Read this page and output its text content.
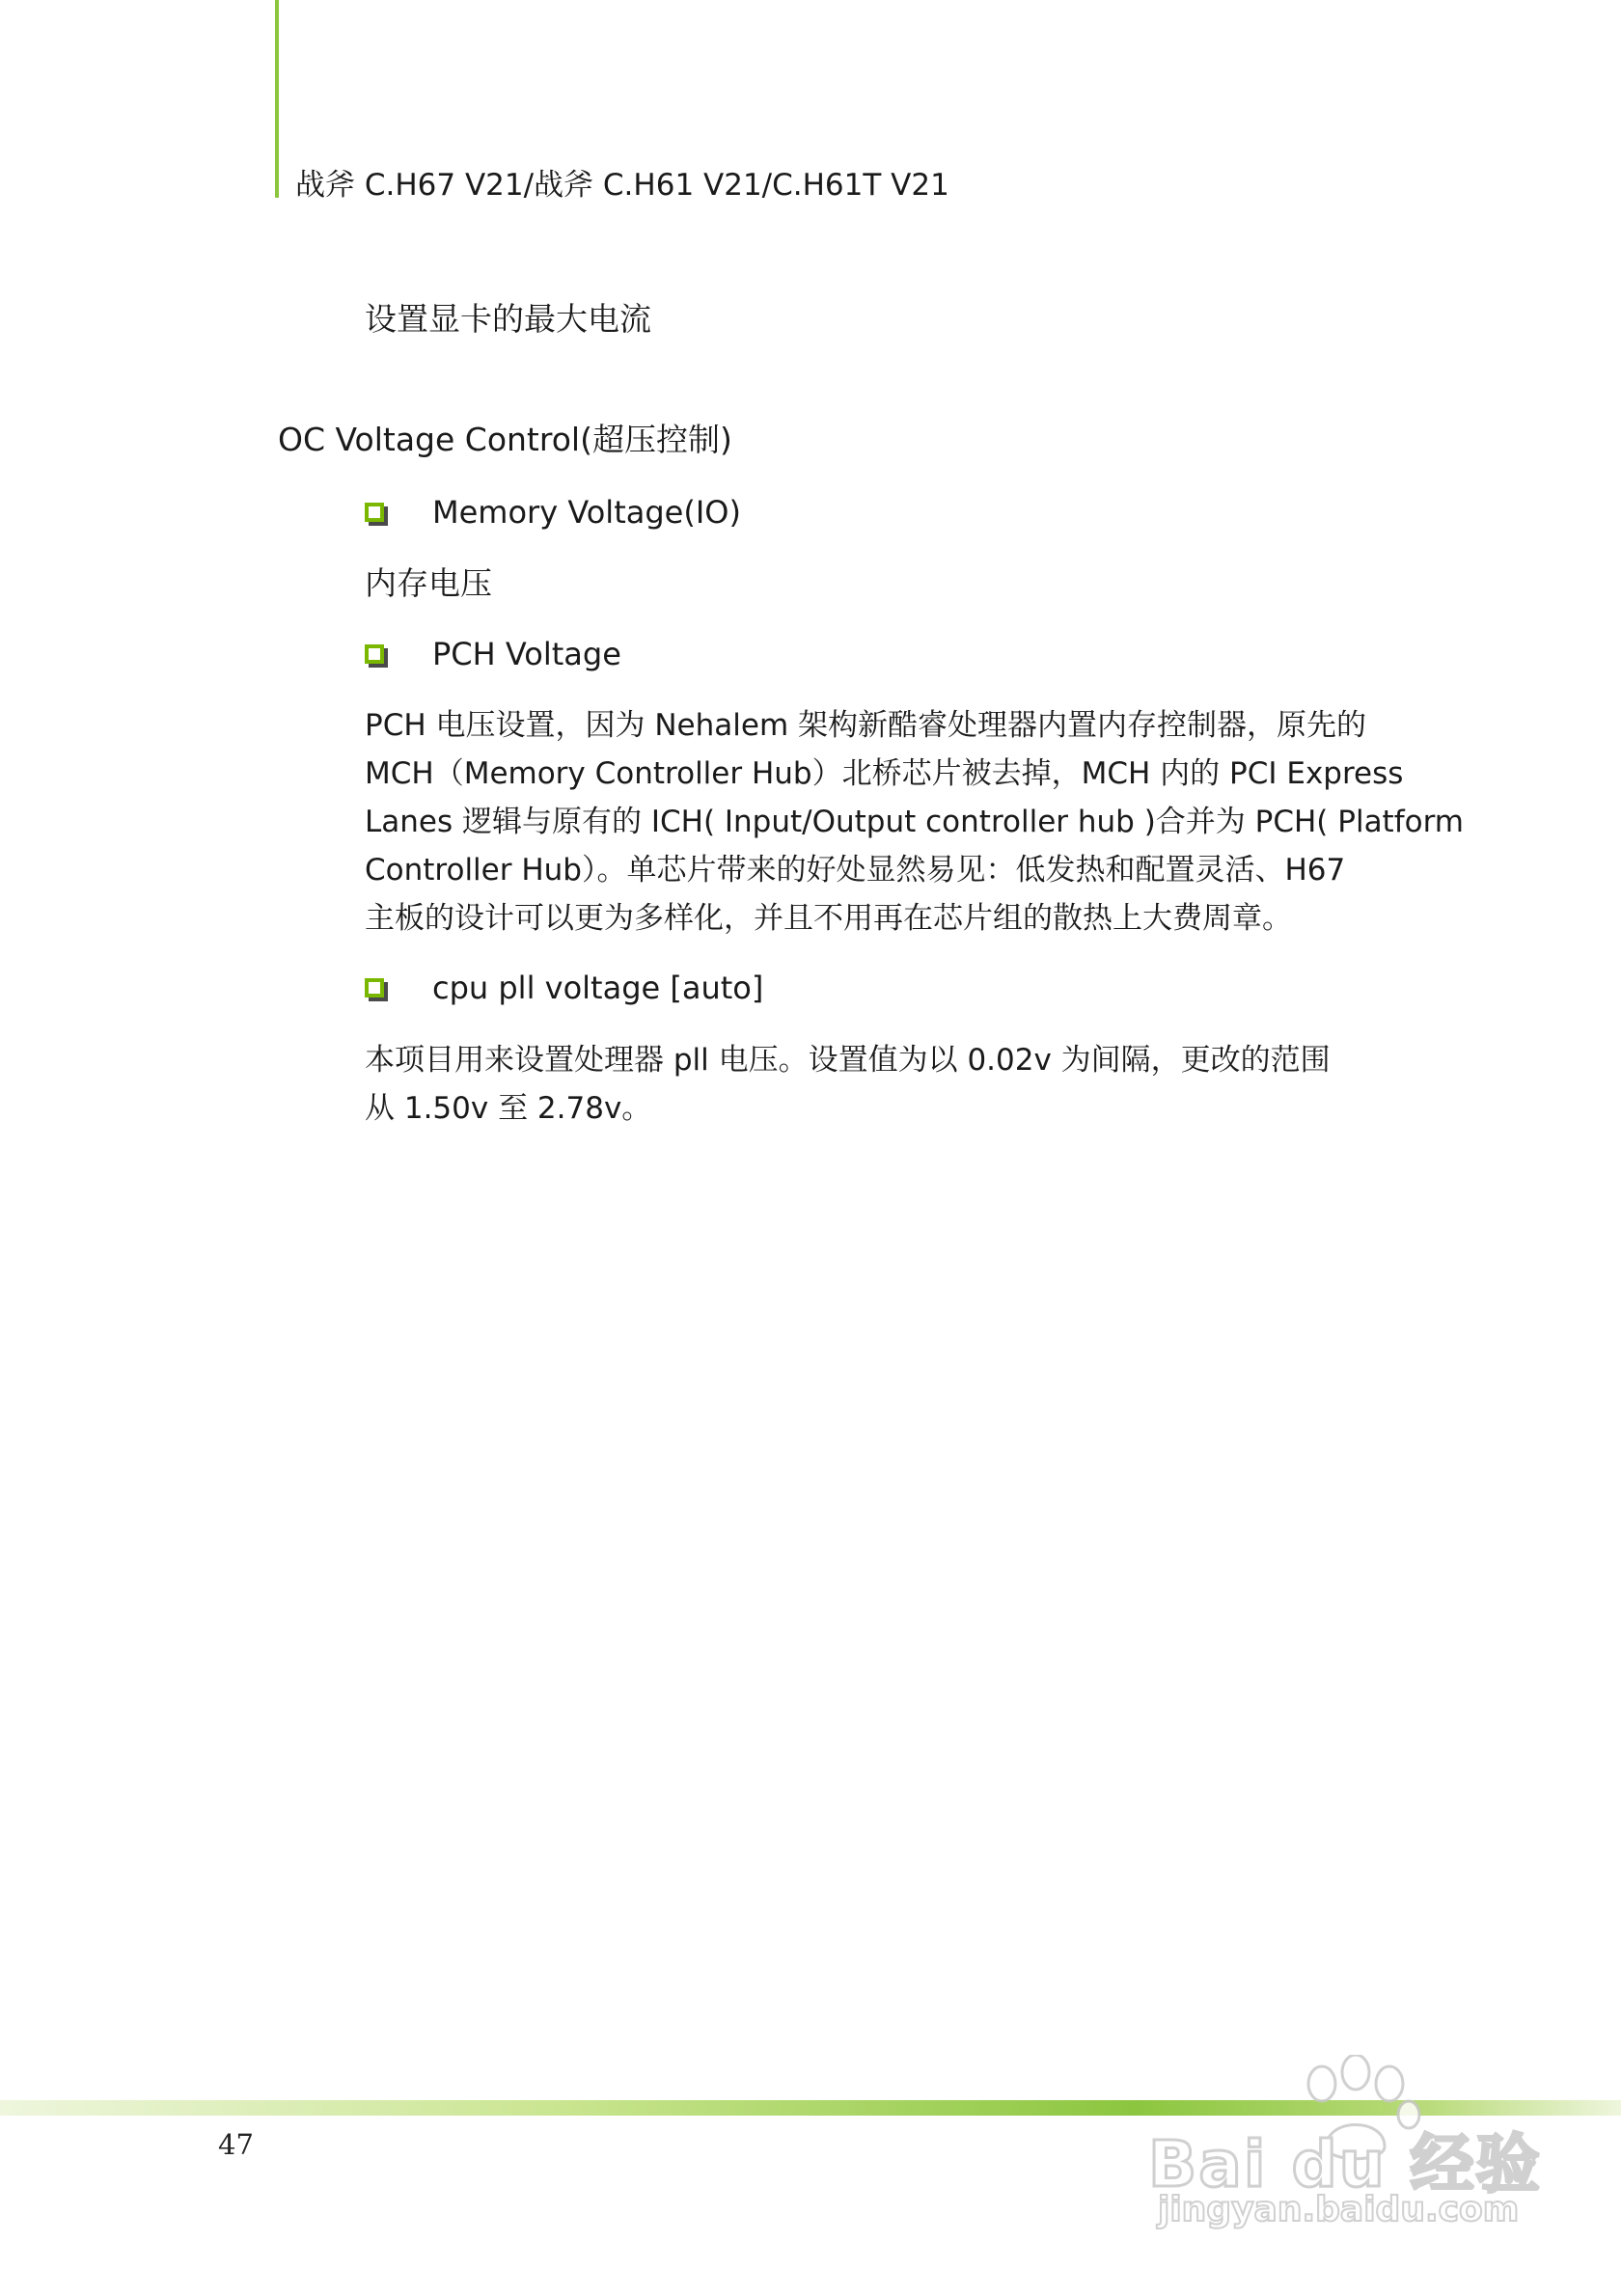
战斧 C.H67 V21/战斧 C.H61 V21/C.H61T V21
设置显卡的最大电流
OC Voltage Control(超压控制)
Memory Voltage(IO)
内存电压
PCH Voltage
PCH 电压设置，因为 Nehalem 架构新酷睿处理器内置内存控制器，原先的
MCH（Memory Controller Hub）北桥芯片被去掉，MCH 内的 PCI Express
Lanes 逻辑与原有的 ICH( Input/Output controller hub )合并为 PCH( Platform
Controller Hub）。单芯片带来的好处显然易见：低发热和配置灵活、H67
主板的设计可以更为多样化，并且不用再在芯片组的散热上大费周章。
cpu pll voltage [auto]
本项目用来设置处理器 pll 电压。设置值为以 0.02v 为间隔，更改的范围
从 1.50v 至 2.78v。
47	Bai du 经验
jingyan.baidu.com
